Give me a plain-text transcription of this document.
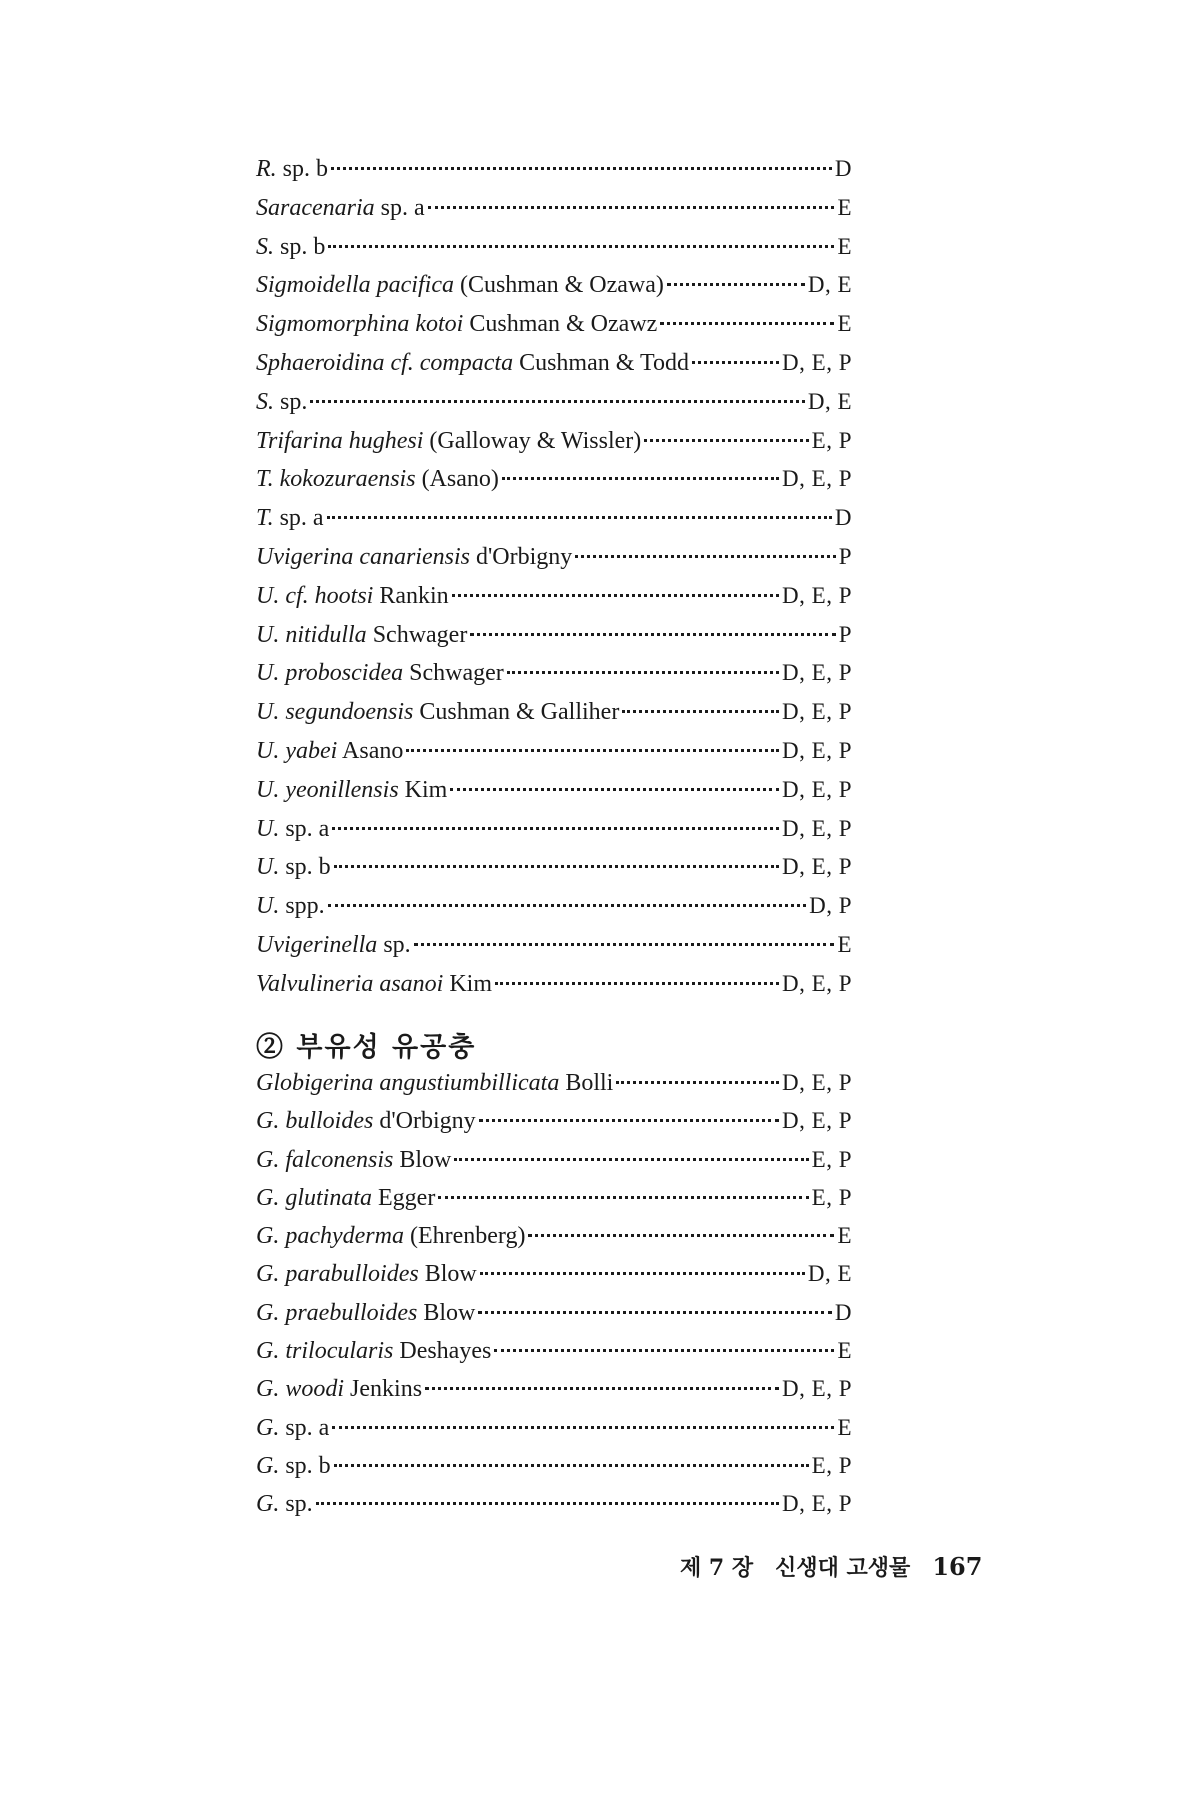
R. sp. b	D
Saracenaria sp. a	E
S. sp. b	E
Sigmoidella pacifica (Cushman & Ozawa)	D, E
Sigmomorphina kotoi Cushman & Ozawz	E
Sphaeroidina cf. compacta Cushman & Todd	D, E, P
S. sp.	D, E
Trifarina hughesi (Galloway & Wissler)	E, P
T. kokozuraensis (Asano)	D, E, P
T. sp. a	D
Uvigerina canariensis d'Orbigny	P
U. cf. hootsi Rankin	D, E, P
U. nitidulla Schwager	P
U. proboscidea Schwager	D, E, P
U. segundoensis Cushman & Galliher	D, E, P
U. yabei Asano	D, E, P
U. yeonillensis Kim	D, E, P
U. sp. a	D, E, P
U. sp. b	D, E, P
U. spp.	D, P
Uvigerinella sp.	E
Valvulineria asanoi Kim	D, E, P
② 부유성 유공충
Globigerina angustiumbillicata Bolli	D, E, P
G. bulloides d'Orbigny	D, E, P
G. falconensis Blow	E, P
G. glutinata Egger	E, P
G. pachyderma (Ehrenberg)	E
G. parabulloides Blow	D, E
G. praebulloides Blow	D
G. trilocularis Deshayes	E
G. woodi Jenkins	D, E, P
G. sp. a	E
G. sp. b	E, P
G. sp.	D, E, P
제 7 장 신생대 고생물 167
